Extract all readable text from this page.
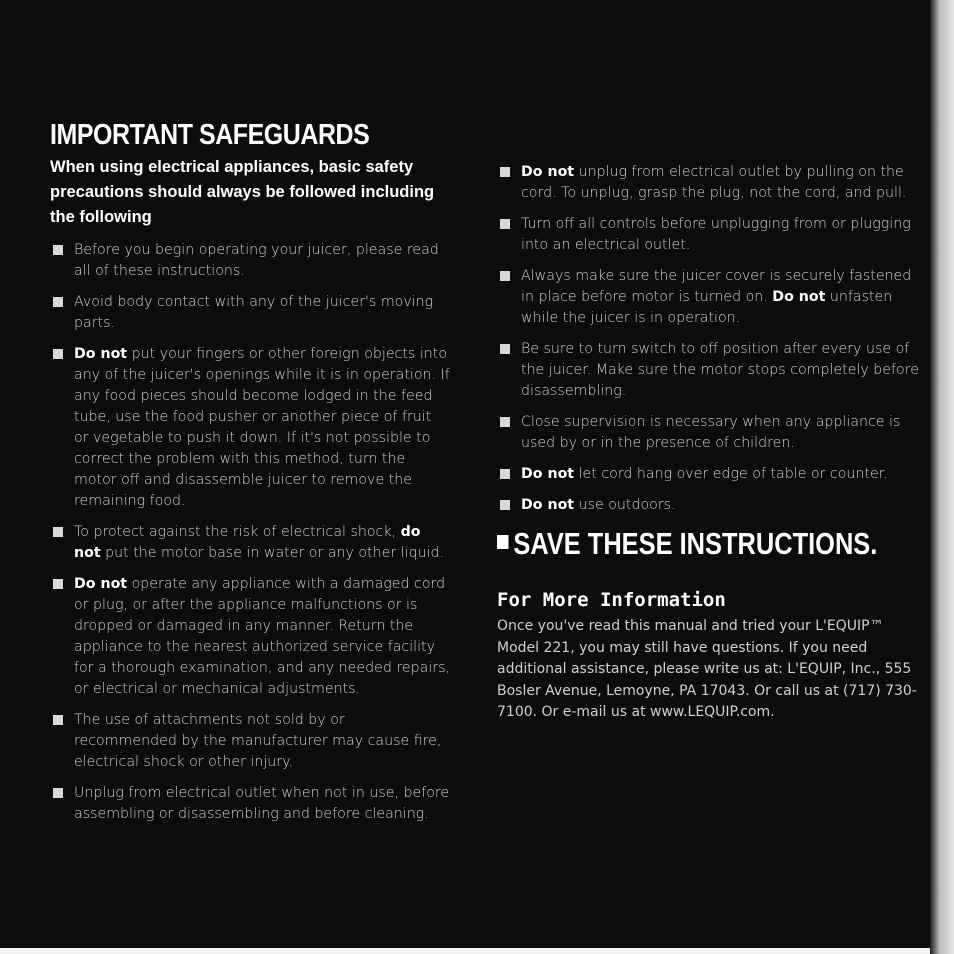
IMPORTANT SAFEGUARDS
When using electrical appliances, basic safety precautions should always be followed including the following
Before you begin operating your juicer, please read all of these instructions.
Avoid body contact with any of the juicer's moving parts.
Do not put your fingers or other foreign objects into any of the juicer's openings while it is in operation. If any food pieces should become lodged in the feed tube, use the food pusher or another piece of fruit or vegetable to push it down. If it's not possible to correct the problem with this method, turn the motor off and disassemble juicer to remove the remaining food.
To protect against the risk of electrical shock, do not put the motor base in water or any other liquid.
Do not operate any appliance with a damaged cord or plug, or after the appliance malfunctions or is dropped or damaged in any manner. Return the appliance to the nearest authorized service facility for a thorough examination, and any needed repairs, or electrical or mechanical adjustments.
The use of attachments not sold by or recommended by the manufacturer may cause fire, electrical shock or other injury.
Unplug from electrical outlet when not in use, before assembling or disassembling and before cleaning.
Do not unplug from electrical outlet by pulling on the cord. To unplug, grasp the plug, not the cord, and pull.
Turn off all controls before unplugging from or plugging into an electrical outlet.
Always make sure the juicer cover is securely fastened in place before motor is turned on. Do not unfasten while the juicer is in operation.
Be sure to turn switch to off position after every use of the juicer. Make sure the motor stops completely before disassembling.
Close supervision is necessary when any appliance is used by or in the presence of children.
Do not let cord hang over edge of table or counter.
Do not use outdoors.
SAVE THESE INSTRUCTIONS.
For More Information

Once you've read this manual and tried your L'EQUIP™ Model 221, you may still have questions. If you need additional assistance, please write us at: L'EQUIP, Inc., 555 Bosler Avenue, Lemoyne, PA 17043. Or call us at (717) 730-7100. Or e-mail us at www.LEQUIP.com.
